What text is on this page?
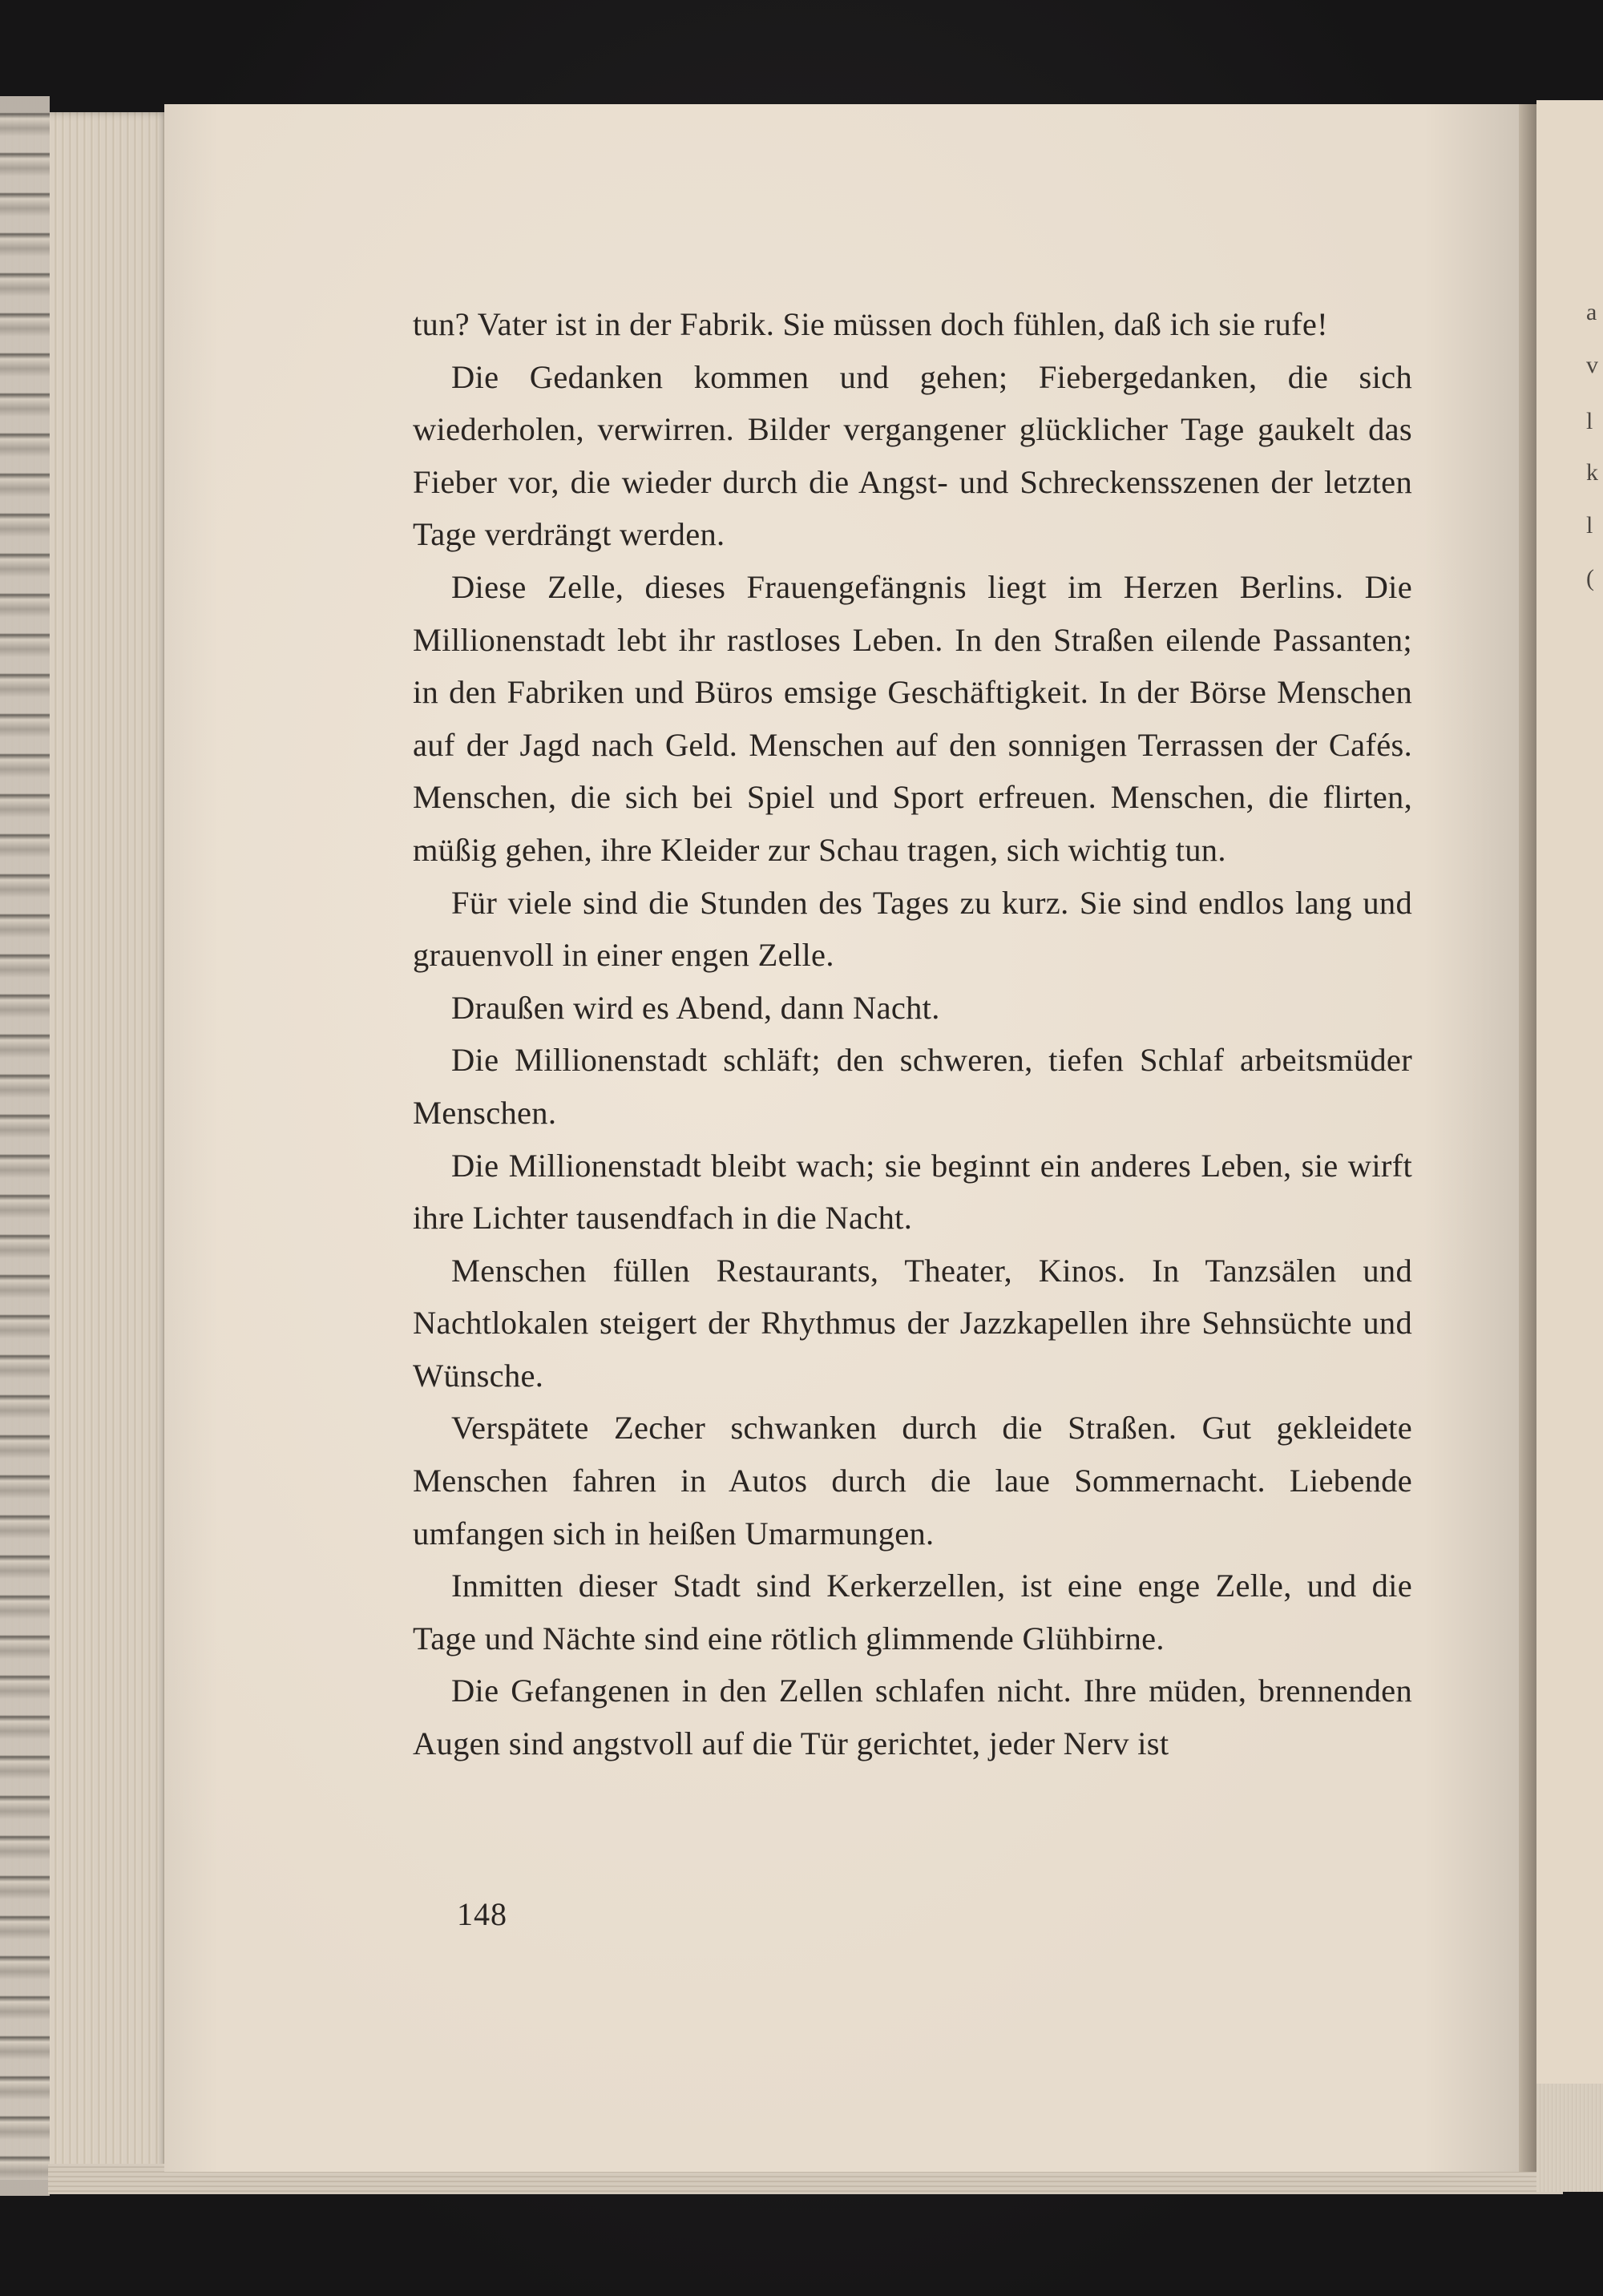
a
v
l
k
l
(

tun? Vater ist in der Fabrik. Sie müssen doch fühlen, daß ich sie rufe!

Die Gedanken kommen und gehen; Fiebergedanken, die sich wiederholen, verwirren. Bilder vergangener glücklicher Tage gaukelt das Fieber vor, die wieder durch die Angst- und Schreckensszenen der letzten Tage verdrängt werden.

Diese Zelle, dieses Frauengefängnis liegt im Herzen Berlins. Die Millionenstadt lebt ihr rastloses Leben. In den Straßen eilende Passanten; in den Fabriken und Büros emsige Geschäftigkeit. In der Börse Menschen auf der Jagd nach Geld. Menschen auf den sonnigen Terrassen der Cafés. Menschen, die sich bei Spiel und Sport erfreuen. Menschen, die flirten, müßig gehen, ihre Kleider zur Schau tragen, sich wichtig tun.

Für viele sind die Stunden des Tages zu kurz. Sie sind endlos lang und grauenvoll in einer engen Zelle.

Draußen wird es Abend, dann Nacht.

Die Millionenstadt schläft; den schweren, tiefen Schlaf arbeitsmüder Menschen.

Die Millionenstadt bleibt wach; sie beginnt ein anderes Leben, sie wirft ihre Lichter tausendfach in die Nacht.

Menschen füllen Restaurants, Theater, Kinos. In Tanzsälen und Nachtlokalen steigert der Rhythmus der Jazzkapellen ihre Sehnsüchte und Wünsche.

Verspätete Zecher schwanken durch die Straßen. Gut gekleidete Menschen fahren in Autos durch die laue Sommernacht. Liebende umfangen sich in heißen Umarmungen.

Inmitten dieser Stadt sind Kerkerzellen, ist eine enge Zelle, und die Tage und Nächte sind eine rötlich glimmende Glühbirne.

Die Gefangenen in den Zellen schlafen nicht. Ihre müden, brennenden Augen sind angstvoll auf die Tür gerichtet, jeder Nerv ist

148
